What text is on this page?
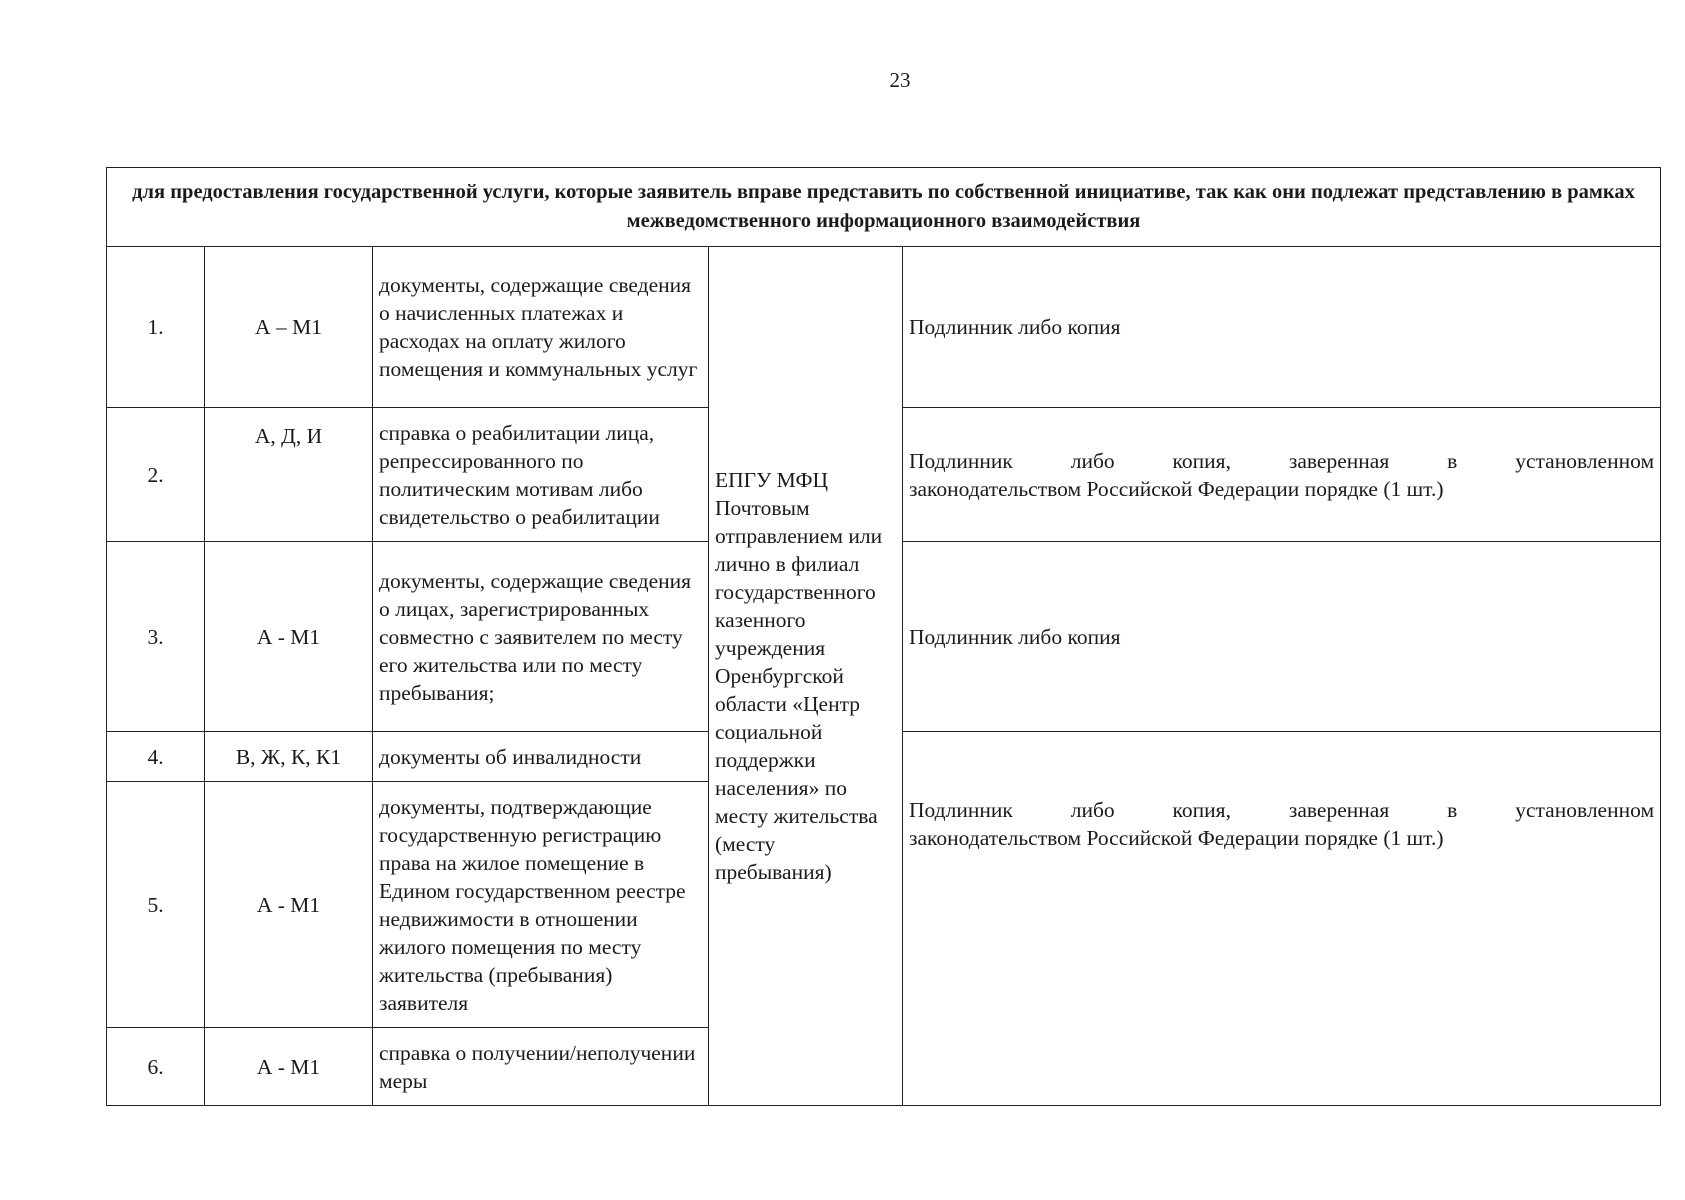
23
для предоставления государственной услуги, которые заявитель вправе представить по собственной инициативе, так как они подлежат представлению в рамках межведомственного информационного взаимодействия				
1.	А – М1	документы, содержащие сведения о начисленных платежах и расходах на оплату жилого помещения и коммунальных услуг	ЕПГУ МФЦ Почтовым отправлением или лично в филиал государственного казенного учреждения Оренбургской области «Центр социальной поддержки населения» по месту жительства (месту пребывания)	Подлинник либо копия
2.	А, Д, И	справка о реабилитации лица, репрессированного по политическим мотивам либо свидетельство о реабилитации		Подлинник либо копия, заверенная в установленном
законодательством Российской Федерации порядке (1 шт.)
3.	А - М1	документы, содержащие сведения о лицах, зарегистрированных совместно с заявителем по месту его жительства или по месту пребывания;		Подлинник либо копия
4.	В, Ж, К, К1	документы об инвалидности		Подлинник либо копия, заверенная в установленном
законодательством Российской Федерации порядке (1 шт.)
5.	А - М1	документы, подтверждающие государственную регистрацию права на жилое помещение в Едином государственном реестре недвижимости в отношении жилого помещения по месту жительства (пребывания) заявителя		
6.	А - М1	справка о получении/неполучении меры		
